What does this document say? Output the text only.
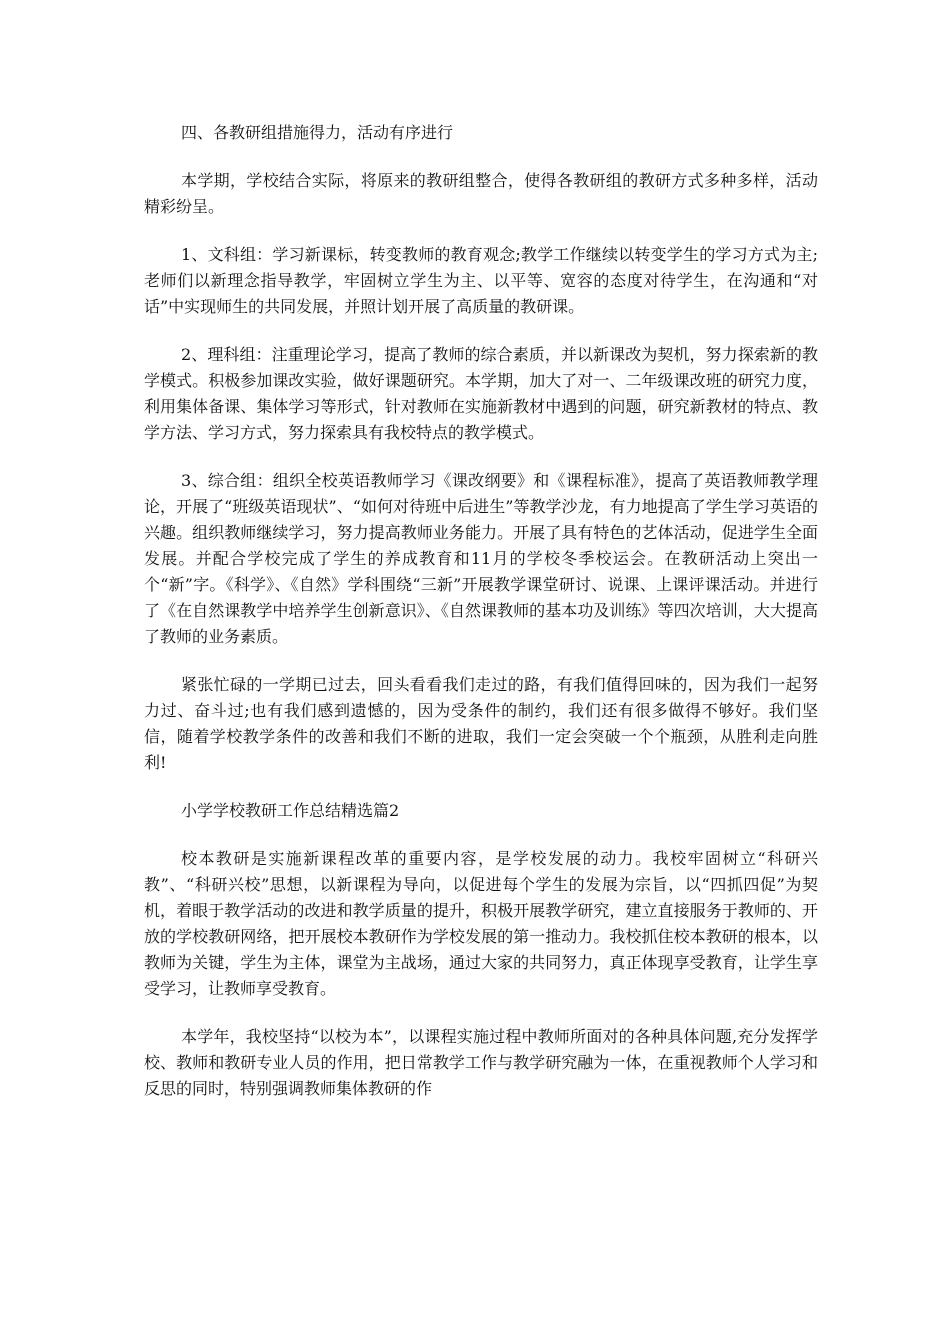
四、各教研组措施得力，活动有序进行

本学期，学校结合实际，将原来的教研组整合，使得各教研组的教研方式多种多样，活动精彩纷呈。

1、文科组：学习新课标，转变教师的教育观念;教学工作继续以转变学生的学习方式为主;老师们以新理念指导教学，牢固树立学生为主、以平等、宽容的态度对待学生，在沟通和“对话”中实现师生的共同发展，并照计划开展了高质量的教研课。

2、理科组：注重理论学习，提高了教师的综合素质，并以新课改为契机，努力探索新的教学模式。积极参加课改实验，做好课题研究。本学期，加大了对一、二年级课改班的研究力度，利用集体备课、集体学习等形式，针对教师在实施新教材中遇到的问题，研究新教材的特点、教学方法、学习方式，努力探索具有我校特点的教学模式。

3、综合组：组织全校英语教师学习《课改纲要》和《课程标准》，提高了英语教师教学理论，开展了“班级英语现状”、“如何对待班中后进生”等教学沙龙，有力地提高了学生学习英语的兴趣。组织教师继续学习，努力提高教师业务能力。开展了具有特色的艺体活动，促进学生全面发展。并配合学校完成了学生的养成教育和11月的学校冬季校运会。在教研活动上突出一个“新”字。《科学》、《自然》学科围绕“三新”开展教学课堂研讨、说课、上课评课活动。并进行了《在自然课教学中培养学生创新意识》、《自然课教师的基本功及训练》等四次培训，大大提高了教师的业务素质。

紧张忙碌的一学期已过去，回头看看我们走过的路，有我们值得回味的，因为我们一起努力过、奋斗过;也有我们感到遗憾的，因为受条件的制约，我们还有很多做得不够好。我们坚信，随着学校教学条件的改善和我们不断的进取，我们一定会突破一个个瓶颈，从胜利走向胜利!

小学学校教研工作总结精选篇2

校本教研是实施新课程改革的重要内容，是学校发展的动力。我校牢固树立“科研兴教”、“科研兴校”思想，以新课程为导向，以促进每个学生的发展为宗旨，以“四抓四促”为契机，着眼于教学活动的改进和教学质量的提升，积极开展教学研究，建立直接服务于教师的、开放的学校教研网络，把开展校本教研作为学校发展的第一推动力。我校抓住校本教研的根本，以教师为关键，学生为主体，课堂为主战场，通过大家的共同努力，真正体现享受教育，让学生享受学习，让教师享受教育。

本学年，我校坚持“以校为本”，以课程实施过程中教师所面对的各种具体问题,充分发挥学校、教师和教研专业人员的作用，把日常教学工作与教学研究融为一体，在重视教师个人学习和反思的同时，特别强调教师集体教研的作
